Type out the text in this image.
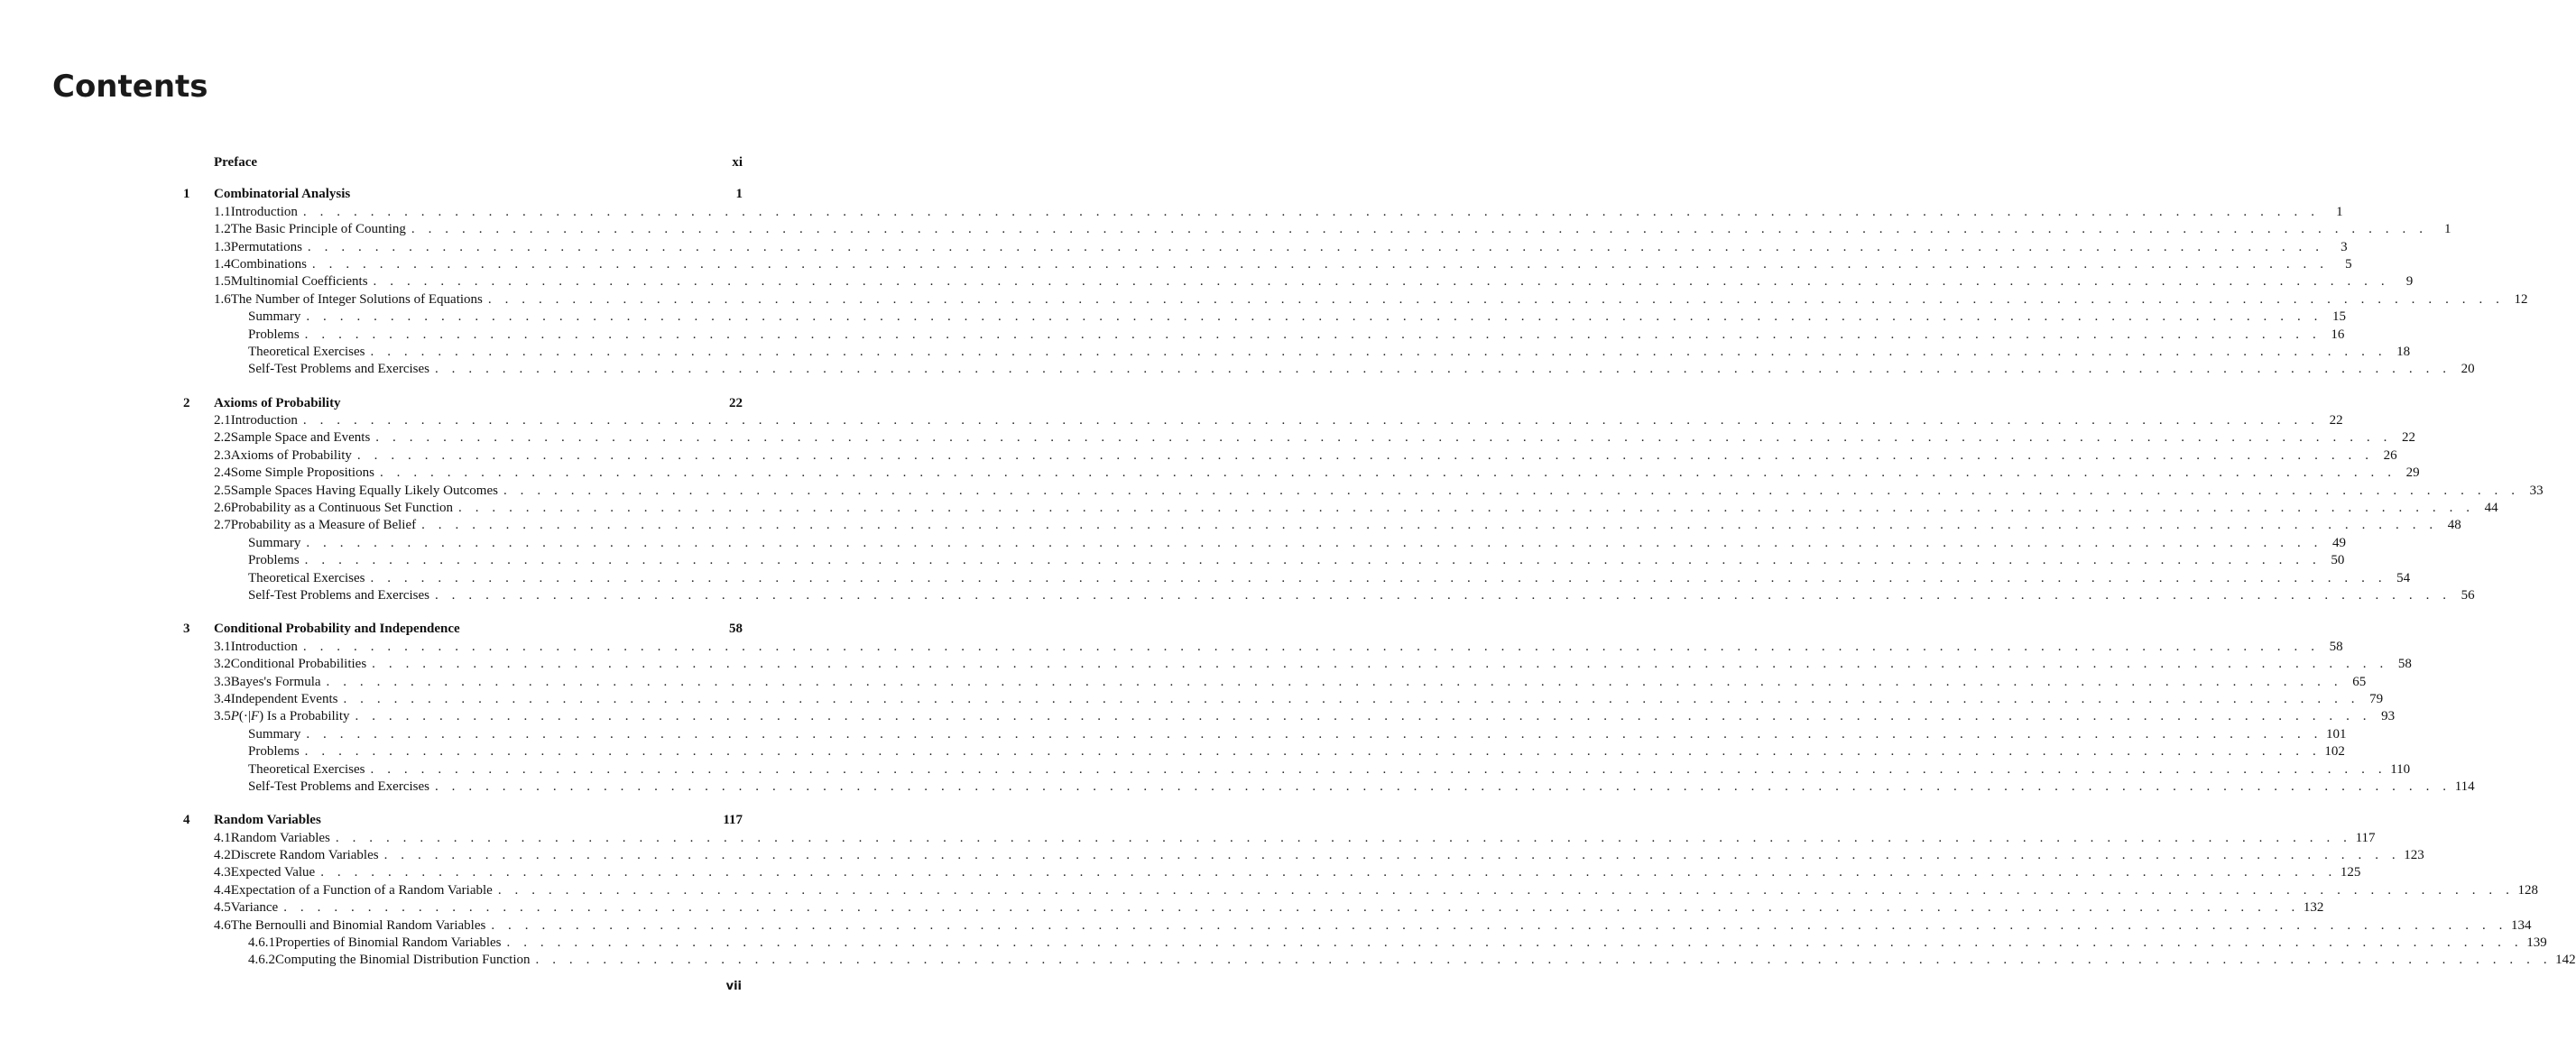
Contents
Preface	xi
1	Combinatorial Analysis	1
1.1 Introduction . . . . . . . . . . . . . . . . . . . . . . . . . . . . . . . . . . . . . . . . . . . . . . . . . . . . . . . . . . . . . . . . . . . . . . . . . . . . . . . . . . . . . . . . . . . . . . . . . . . . . . . . . . . . . . . . . . . . . . . .	1
1.2 The Basic Principle of Counting . . . . . . . . . . . . . . . . . . . . . . . . . . . . . . . . . . . . . . . . . . . . . . . . . . . . . . . . . . . . . . . . . . . . . . . . . . . . . . . . . . . . . . . . . . . . . . . . . . . . . . . . . . . . . . . . . . . . . . . .	1
1.3 Permutations . . . . . . . . . . . . . . . . . . . . . . . . . . . . . . . . . . . . . . . . . . . . . . . . . . . . . . . . . . . . . . . . . . . . . . . . . . . . . . . . . . . . . . . . . . . . . . . . . . . . . . . . . . . . . . . . . . . . . . . .	3
1.4 Combinations . . . . . . . . . . . . . . . . . . . . . . . . . . . . . . . . . . . . . . . . . . . . . . . . . . . . . . . . . . . . . . . . . . . . . . . . . . . . . . . . . . . . . . . . . . . . . . . . . . . . . . . . . . . . . . . . . . . . . . . .	5
1.5 Multinomial Coefficients . . . . . . . . . . . . . . . . . . . . . . . . . . . . . . . . . . . . . . . . . . . . . . . . . . . . . . . . . . . . . . . . . . . . . . . . . . . . . . . . . . . . . . . . . . . . . . . . . . . . . . . . . . . . . . . . . . . . . . . .	9
1.6 The Number of Integer Solutions of Equations . . . . . . . . . . . . . . . . . . . . . . . . . . . . . . . . . . . . . . . . . . . . . . . . . . . . . . . . . . . . . . . . . . . . . . . . . . . . . . . . . . . . . . . . . . . . . . . . . . . . . . . . . . . . . . . . . . . . . . . . 12
Summary . . . . . . . . . . . . . . . . . . . . . . . . . . . . . . . . . . . . . . . . . . . . . . . . . . . . . . . . . . . . . . . . . . . . . . . . . . . . . . . . . . . . . . . . . . . . . . . . . . . . . . . . . . . . . . . . . . . . . . . . 15
Problems . . . . . . . . . . . . . . . . . . . . . . . . . . . . . . . . . . . . . . . . . . . . . . . . . . . . . . . . . . . . . . . . . . . . . . . . . . . . . . . . . . . . . . . . . . . . . . . . . . . . . . . . . . . . . . . . . . . . . . . . 16
Theoretical Exercises . . . . . . . . . . . . . . . . . . . . . . . . . . . . . . . . . . . . . . . . . . . . . . . . . . . . . . . . . . . . . . . . . . . . . . . . . . . . . . . . . . . . . . . . . . . . . . . . . . . . . . . . . . . . . . . . . . . . . . . . 18
Self-Test Problems and Exercises . . . . . . . . . . . . . . . . . . . . . . . . . . . . . . . . . . . . . . . . . . . . . . . . . . . . . . . . . . . . . . . . . . . . . . . . . . . . . . . . . . . . . . . . . . . . . . . . . . . . . . . . . . . . . . . . . . . . . . . . 20
2	Axioms of Probability	22
2.1 Introduction . . . . . . . . . . . . . . . . . . . . . . . . . . . . . . . . . . . . . . . . . . . . . . . . . . . . . . . . . . . . . . . . . . . . . . . . . . . . . . . . . . . . . . . . . . . . . . . . . . . . . . . . . . . . . . . . . . . . . . . . 22
2.2 Sample Space and Events . . . . . . . . . . . . . . . . . . . . . . . . . . . . . . . . . . . . . . . . . . . . . . . . . . . . . . . . . . . . . . . . . . . . . . . . . . . . . . . . . . . . . . . . . . . . . . . . . . . . . . . . . . . . . . . . . . . . . . . . 22
2.3 Axioms of Probability . . . . . . . . . . . . . . . . . . . . . . . . . . . . . . . . . . . . . . . . . . . . . . . . . . . . . . . . . . . . . . . . . . . . . . . . . . . . . . . . . . . . . . . . . . . . . . . . . . . . . . . . . . . . . . . . . . . . . . . . 26
2.4 Some Simple Propositions . . . . . . . . . . . . . . . . . . . . . . . . . . . . . . . . . . . . . . . . . . . . . . . . . . . . . . . . . . . . . . . . . . . . . . . . . . . . . . . . . . . . . . . . . . . . . . . . . . . . . . . . . . . . . . . . . . . . . . . . 29
2.5 Sample Spaces Having Equally Likely Outcomes . . . . . . . . . . . . . . . . . . . . . . . . . . . . . . . . . . . . . . . . . . . . . . . . . . . . . . . . . . . . . . . . . . . . . . . . . . . . . . . . . . . . . . . . . . . . . . . . . . . . . . . . . . . . . . . . . . . . . . . . 33
2.6 Probability as a Continuous Set Function . . . . . . . . . . . . . . . . . . . . . . . . . . . . . . . . . . . . . . . . . . . . . . . . . . . . . . . . . . . . . . . . . . . . . . . . . . . . . . . . . . . . . . . . . . . . . . . . . . . . . . . . . . . . . . . . . . . . . . . . 44
2.7 Probability as a Measure of Belief . . . . . . . . . . . . . . . . . . . . . . . . . . . . . . . . . . . . . . . . . . . . . . . . . . . . . . . . . . . . . . . . . . . . . . . . . . . . . . . . . . . . . . . . . . . . . . . . . . . . . . . . . . . . . . . . . . . . . . . . 48
Summary . . . . . . . . . . . . . . . . . . . . . . . . . . . . . . . . . . . . . . . . . . . . . . . . . . . . . . . . . . . . . . . . . . . . . . . . . . . . . . . . . . . . . . . . . . . . . . . . . . . . . . . . . . . . . . . . . . . . . . . . 49
Problems . . . . . . . . . . . . . . . . . . . . . . . . . . . . . . . . . . . . . . . . . . . . . . . . . . . . . . . . . . . . . . . . . . . . . . . . . . . . . . . . . . . . . . . . . . . . . . . . . . . . . . . . . . . . . . . . . . . . . . . . 50
Theoretical Exercises . . . . . . . . . . . . . . . . . . . . . . . . . . . . . . . . . . . . . . . . . . . . . . . . . . . . . . . . . . . . . . . . . . . . . . . . . . . . . . . . . . . . . . . . . . . . . . . . . . . . . . . . . . . . . . . . . . . . . . . . 54
Self-Test Problems and Exercises . . . . . . . . . . . . . . . . . . . . . . . . . . . . . . . . . . . . . . . . . . . . . . . . . . . . . . . . . . . . . . . . . . . . . . . . . . . . . . . . . . . . . . . . . . . . . . . . . . . . . . . . . . . . . . . . . . . . . . . . 56
3	Conditional Probability and Independence	58
3.1 Introduction . . . . . . . . . . . . . . . . . . . . . . . . . . . . . . . . . . . . . . . . . . . . . . . . . . . . . . . . . . . . . . . . . . . . . . . . . . . . . . . . . . . . . . . . . . . . . . . . . . . . . . . . . . . . . . . . . . . . . . . . 58
3.2 Conditional Probabilities . . . . . . . . . . . . . . . . . . . . . . . . . . . . . . . . . . . . . . . . . . . . . . . . . . . . . . . . . . . . . . . . . . . . . . . . . . . . . . . . . . . . . . . . . . . . . . . . . . . . . . . . . . . . . . . . . . . . . . . . 58
3.3 Bayes's Formula . . . . . . . . . . . . . . . . . . . . . . . . . . . . . . . . . . . . . . . . . . . . . . . . . . . . . . . . . . . . . . . . . . . . . . . . . . . . . . . . . . . . . . . . . . . . . . . . . . . . . . . . . . . . . . . . . . . . . . . . 65
3.4 Independent Events . . . . . . . . . . . . . . . . . . . . . . . . . . . . . . . . . . . . . . . . . . . . . . . . . . . . . . . . . . . . . . . . . . . . . . . . . . . . . . . . . . . . . . . . . . . . . . . . . . . . . . . . . . . . . . . . . . . . . . . . 79
3.5 P(·|F) Is a Probability . . . . . . . . . . . . . . . . . . . . . . . . . . . . . . . . . . . . . . . . . . . . . . . . . . . . . . . . . . . . . . . . . . . . . . . . . . . . . . . . . . . . . . . . . . . . . . . . . . . . . . . . . . . . . . . . . . . . . . . . 93
Summary . . . . . . . . . . . . . . . . . . . . . . . . . . . . . . . . . . . . . . . . . . . . . . . . . . . . . . . . . . . . . . . . . . . . . . . . . . . . . . . . . . . . . . . . . . . . . . . . . . . . . . . . . . . . . . . . . . . . . . . . 101
Problems . . . . . . . . . . . . . . . . . . . . . . . . . . . . . . . . . . . . . . . . . . . . . . . . . . . . . . . . . . . . . . . . . . . . . . . . . . . . . . . . . . . . . . . . . . . . . . . . . . . . . . . . . . . . . . . . . . . . . . . . 102
Theoretical Exercises . . . . . . . . . . . . . . . . . . . . . . . . . . . . . . . . . . . . . . . . . . . . . . . . . . . . . . . . . . . . . . . . . . . . . . . . . . . . . . . . . . . . . . . . . . . . . . . . . . . . . . . . . . . . . . . . . . . . . . . . 110
Self-Test Problems and Exercises . . . . . . . . . . . . . . . . . . . . . . . . . . . . . . . . . . . . . . . . . . . . . . . . . . . . . . . . . . . . . . . . . . . . . . . . . . . . . . . . . . . . . . . . . . . . . . . . . . . . . . . . . . . . . . . . . . . . . . . . 114
4	Random Variables	117
4.1 Random Variables . . . . . . . . . . . . . . . . . . . . . . . . . . . . . . . . . . . . . . . . . . . . . . . . . . . . . . . . . . . . . . . . . . . . . . . . . . . . . . . . . . . . . . . . . . . . . . . . . . . . . . . . . . . . . . . . . . . . . . . . 117
4.2 Discrete Random Variables . . . . . . . . . . . . . . . . . . . . . . . . . . . . . . . . . . . . . . . . . . . . . . . . . . . . . . . . . . . . . . . . . . . . . . . . . . . . . . . . . . . . . . . . . . . . . . . . . . . . . . . . . . . . . . . . . . . . . . . . 123
4.3 Expected Value . . . . . . . . . . . . . . . . . . . . . . . . . . . . . . . . . . . . . . . . . . . . . . . . . . . . . . . . . . . . . . . . . . . . . . . . . . . . . . . . . . . . . . . . . . . . . . . . . . . . . . . . . . . . . . . . . . . . . . . . 125
4.4 Expectation of a Function of a Random Variable . . . . . . . . . . . . . . . . . . . . . . . . . . . . . . . . . . . . . . . . . . . . . . . . . . . . . . . . . . . . . . . . . . . . . . . . . . . . . . . . . . . . . . . . . . . . . . . . . . . . . . . . . . . . . . . . . . . . . . . . 128
4.5 Variance . . . . . . . . . . . . . . . . . . . . . . . . . . . . . . . . . . . . . . . . . . . . . . . . . . . . . . . . . . . . . . . . . . . . . . . . . . . . . . . . . . . . . . . . . . . . . . . . . . . . . . . . . . . . . . . . . . . . . . . . 132
4.6 The Bernoulli and Binomial Random Variables . . . . . . . . . . . . . . . . . . . . . . . . . . . . . . . . . . . . . . . . . . . . . . . . . . . . . . . . . . . . . . . . . . . . . . . . . . . . . . . . . . . . . . . . . . . . . . . . . . . . . . . . . . . . . . . . . . . . . . . . 134
4.6.1 Properties of Binomial Random Variables . . . . . . . . . . . . . . . . . . . . . . . . . . . . . . . . . . . . . . . . . . . . . . . . . . . . . . . . . . . . . . . . . . . . . . . . . . . . . . . . . . . . . . . . . . . . . . . . . . . . . . . . . . . . . . . . . . . . . . . . 139
4.6.2 Computing the Binomial Distribution Function . . . . . . . . . . . . . . . . . . . . . . . . . . . . . . . . . . . . . . . . . . . . . . . . . . . . . . . . . . . . . . . . . . . . . . . . . . . . . . . . . . . . . . . . . . . . . . . . . . . . . . . . . . . . . . . . . . . . . . . . 142
vii
